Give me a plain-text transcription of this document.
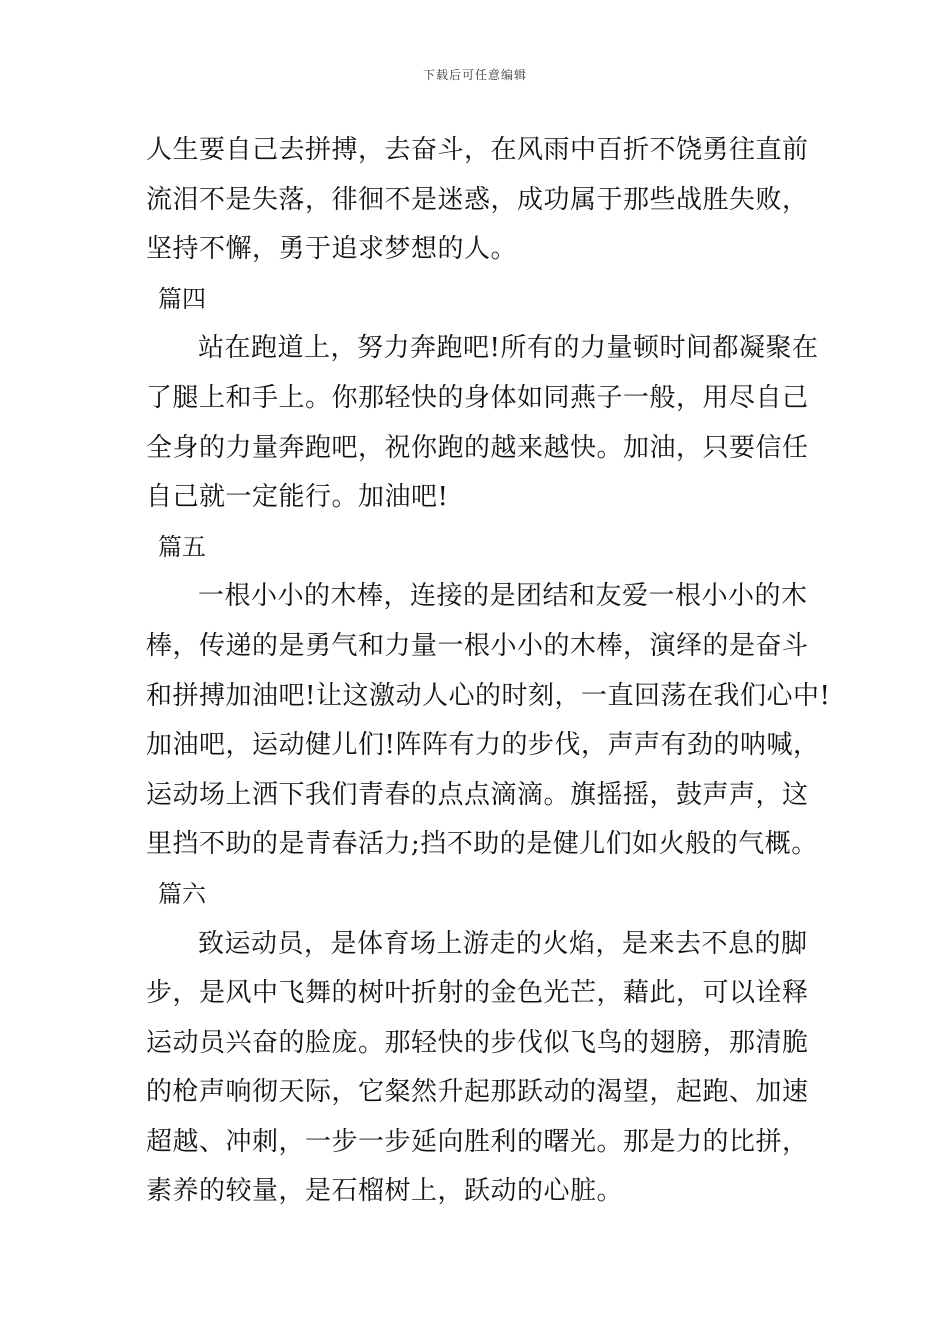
下载后可任意编辑
人生要自己去拼搏，去奋斗，在风雨中百折不饶勇往直前
流泪不是失落，徘徊不是迷惑，成功属于那些战胜失败，
坚持不懈，勇于追求梦想的人。
篇四
站在跑道上，努力奔跑吧!所有的力量顿时间都凝聚在
了腿上和手上。你那轻快的身体如同燕子一般，用尽自己
全身的力量奔跑吧，祝你跑的越来越快。加油，只要信任
自己就一定能行。加油吧!
篇五
一根小小的木棒，连接的是团结和友爱一根小小的木
棒，传递的是勇气和力量一根小小的木棒，演绎的是奋斗
和拼搏加油吧!让这激动人心的时刻，一直回荡在我们心中!
加油吧，运动健儿们!阵阵有力的步伐，声声有劲的呐喊，
运动场上洒下我们青春的点点滴滴。旗摇摇，鼓声声，这
里挡不助的是青春活力;挡不助的是健儿们如火般的气概。
篇六
致运动员，是体育场上游走的火焰，是来去不息的脚
步，是风中飞舞的树叶折射的金色光芒，藉此，可以诠释
运动员兴奋的脸庞。那轻快的步伐似飞鸟的翅膀，那清脆
的枪声响彻天际，它粲然升起那跃动的渴望，起跑、加速
超越、冲刺，一步一步延向胜利的曙光。那是力的比拼，
素养的较量，是石榴树上，跃动的心脏。
